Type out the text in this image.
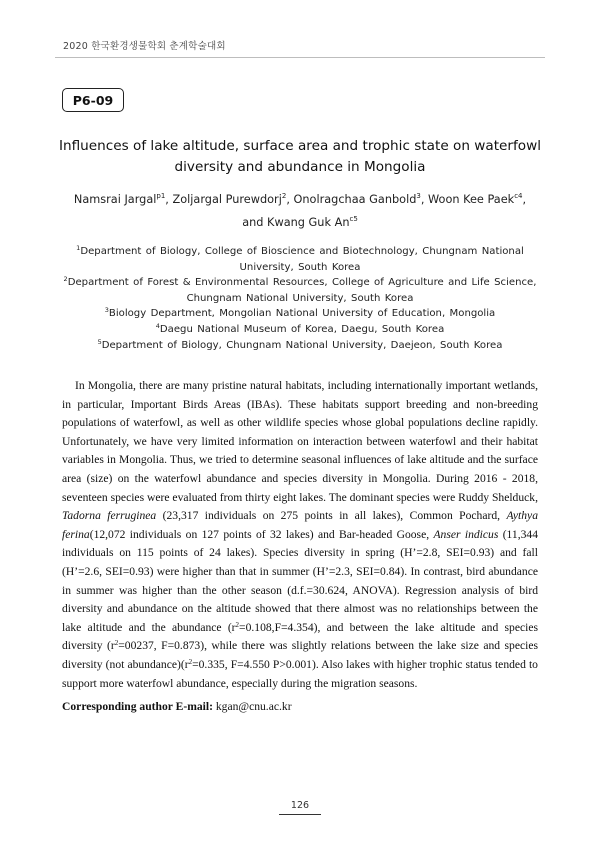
2020 한국환경생물학회 춘계학술대회
P6-09
Influences of lake altitude, surface area and trophic state on waterfowl diversity and abundance in Mongolia
Namsrai Jargal$^{p1}$, Zoljargal Purewdorj$^2$, Onolragchaa Ganbold$^3$, Woon Kee Paek$^{c4}$,
and Kwang Guk $An^{c5}$
$^1$Department of Biology, College of Bioscience and Biotechnology, Chungnam National University, South Korea
$^2$Department of Forest & Environmental Resources, College of Agriculture and Life Science, Chungnam National University, South Korea
$^3$Biology Department, Mongolian National University of Education, Mongolia
$^4$Daegu National Museum of Korea, Daegu, South Korea
$^5$Department of Biology, Chungnam National University, Daejeon, South Korea

In Mongolia, there are many pristine natural habitats, including internationally important wetlands, in particular, Important Birds Areas (IBAs). These habitats support breeding and non-breeding populations of waterfowl, as well as other wildlife species whose global populations decline rapidly. Unfortunately, we have very limited information on interaction between waterfowl and their habitat variables in Mongolia. Thus, we tried to determine seasonal influences of lake altitude and the surface area (size) on the waterfowl abundance and species diversity in Mongolia. During 2016 - 2018, seventeen species were evaluated from thirty eight lakes. The dominant species were Ruddy Shelduck, Tadorna ferruginea (23,317 individuals on 275 points in all lakes), Common Pochard, Aythya ferina(12,072 individuals on 127 points of 32 lakes) and Bar-headed Goose, Anser indicus (11,344 individuals on 115 points of 24 lakes). Species diversity in spring (H’=2.8, SEI=0.93) and fall (H’=2.6, SEI=0.93) were higher than that in summer (H’=2.3, SEI=0.84). In contrast, bird abundance in summer was higher than the other season (d.f.=30.624, ANOVA). Regression analysis of bird diversity and abundance on the altitude showed that there almost was no relationships between the lake altitude and the abundance $(r^2=0.108,F=4.354)$, and between the lake altitude and species diversity ($r^2=00237$, F=0.873), while there was slightly relations between the lake size and species diversity (not $abundance)(r^2=0.335$, F=4.550 P>0.001). Also lakes with higher trophic status tended to support more waterfowl abundance, especially during the migration seasons.

Corresponding author E-mail: kgan@cnu.ac.kr
126
